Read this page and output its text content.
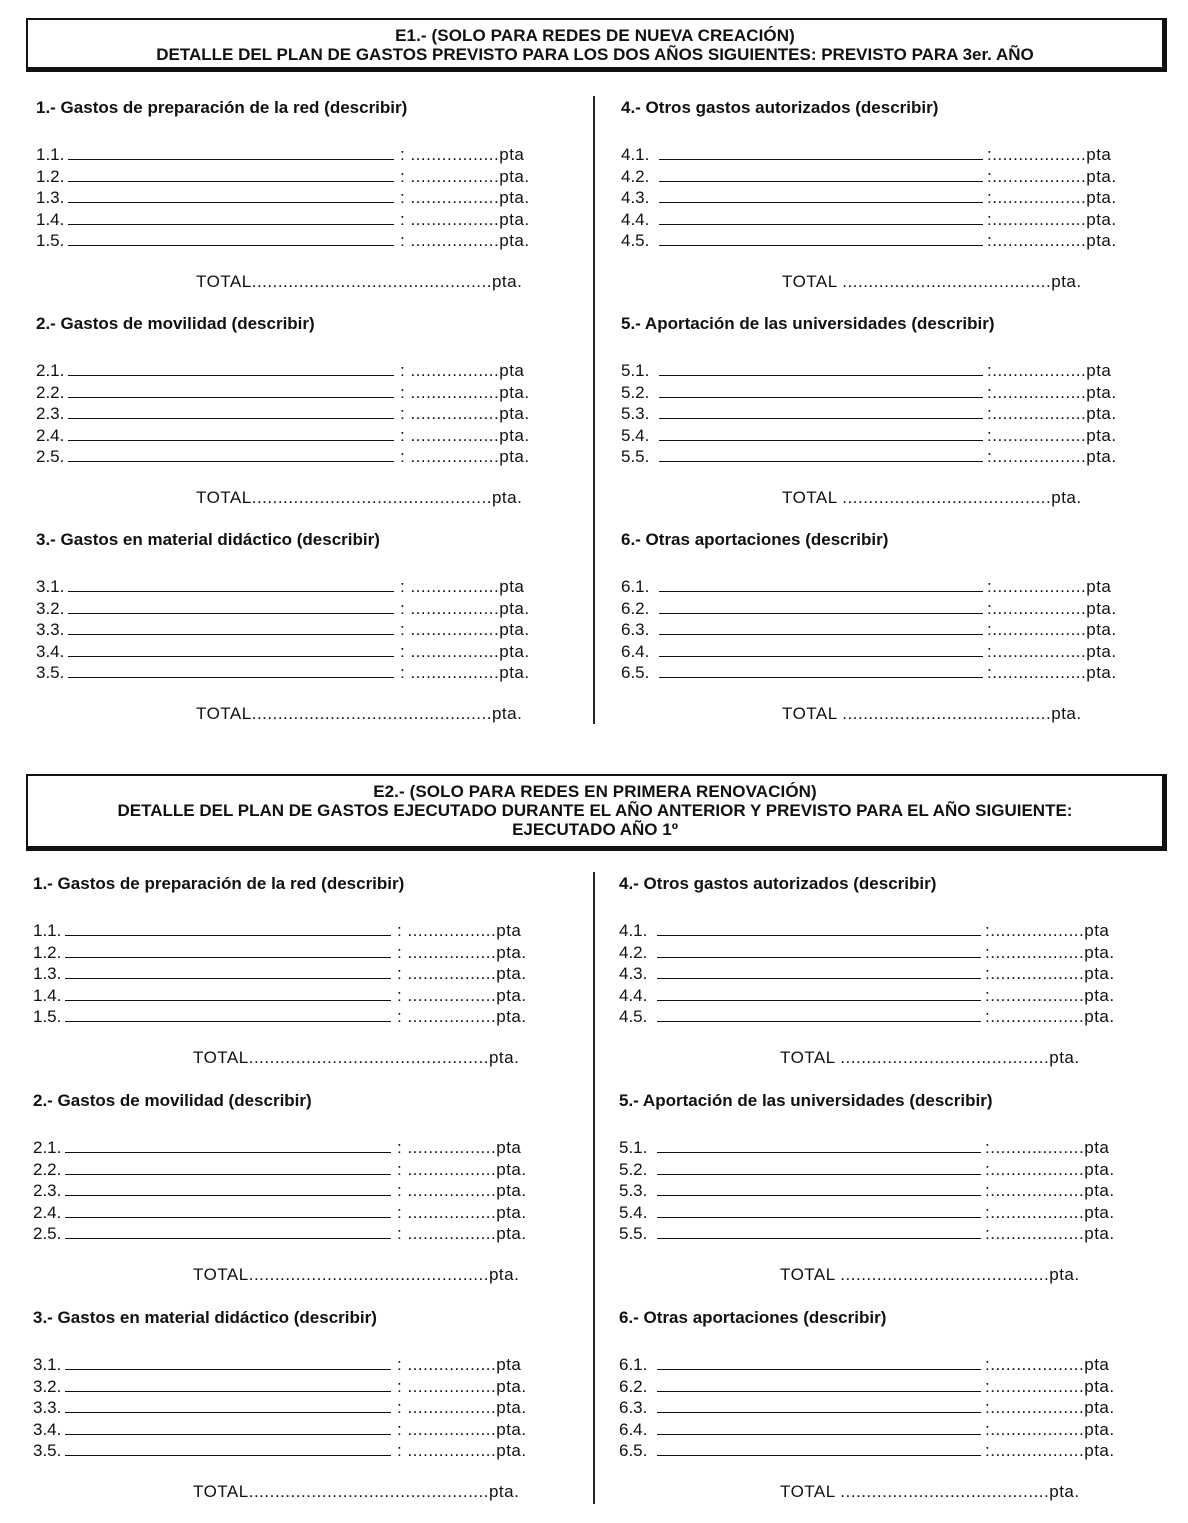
E1.- (SOLO PARA REDES DE NUEVA CREACIÓN)
DETALLE DEL PLAN DE GASTOS PREVISTO PARA LOS DOS AÑOS SIGUIENTES: PREVISTO PARA 3er. AÑO
1.- Gastos de preparación de la red (describir)
1.1.	: .................pta
1.2.	: .................pta.
1.3.	: .................pta.
1.4.	: .................pta.
1.5.	: .................pta.
TOTAL..............................................pta.
2.- Gastos de movilidad (describir)
2.1.	: .................pta
2.2.	: .................pta.
2.3.	: .................pta.
2.4.	: .................pta.
2.5.	: .................pta.
TOTAL..............................................pta.
3.- Gastos en material didáctico (describir)
3.1.	: .................pta
3.2.	: .................pta.
3.3.	: .................pta.
3.4.	: .................pta.
3.5.	: .................pta.
TOTAL..............................................pta.
4.- Otros gastos autorizados (describir)
4.1.	:..................pta
4.2.	:..................pta.
4.3.	:..................pta.
4.4.	:..................pta.
4.5.	:..................pta.
TOTAL ........................................pta.
5.- Aportación de las universidades (describir)
5.1.	:..................pta
5.2.	:..................pta.
5.3.	:..................pta.
5.4.	:..................pta.
5.5.	:..................pta.
TOTAL ........................................pta.
6.- Otras aportaciones (describir)
6.1.	:..................pta
6.2.	:..................pta.
6.3.	:..................pta.
6.4.	:..................pta.
6.5.	:..................pta.
TOTAL ........................................pta.
E2.- (SOLO PARA REDES EN PRIMERA RENOVACIÓN)
DETALLE DEL PLAN DE GASTOS EJECUTADO DURANTE EL AÑO ANTERIOR Y PREVISTO PARA EL AÑO SIGUIENTE:
EJECUTADO AÑO 1º
1.- Gastos de preparación de la red (describir)
1.1.	: .................pta
1.2.	: .................pta.
1.3.	: .................pta.
1.4.	: .................pta.
1.5.	: .................pta.
TOTAL..............................................pta.
2.- Gastos de movilidad (describir)
2.1.	: .................pta
2.2.	: .................pta.
2.3.	: .................pta.
2.4.	: .................pta.
2.5.	: .................pta.
TOTAL..............................................pta.
3.- Gastos en material didáctico (describir)
3.1.	: .................pta
3.2.	: .................pta.
3.3.	: .................pta.
3.4.	: .................pta.
3.5.	: .................pta.
TOTAL..............................................pta.
4.- Otros gastos autorizados (describir)
4.1.	:..................pta
4.2.	:..................pta.
4.3.	:..................pta.
4.4.	:..................pta.
4.5.	:..................pta.
TOTAL ........................................pta.
5.- Aportación de las universidades (describir)
5.1.	:..................pta
5.2.	:..................pta.
5.3.	:..................pta.
5.4.	:..................pta.
5.5.	:..................pta.
TOTAL ........................................pta.
6.- Otras aportaciones (describir)
6.1.	:..................pta
6.2.	:..................pta.
6.3.	:..................pta.
6.4.	:..................pta.
6.5.	:..................pta.
TOTAL ........................................pta.
